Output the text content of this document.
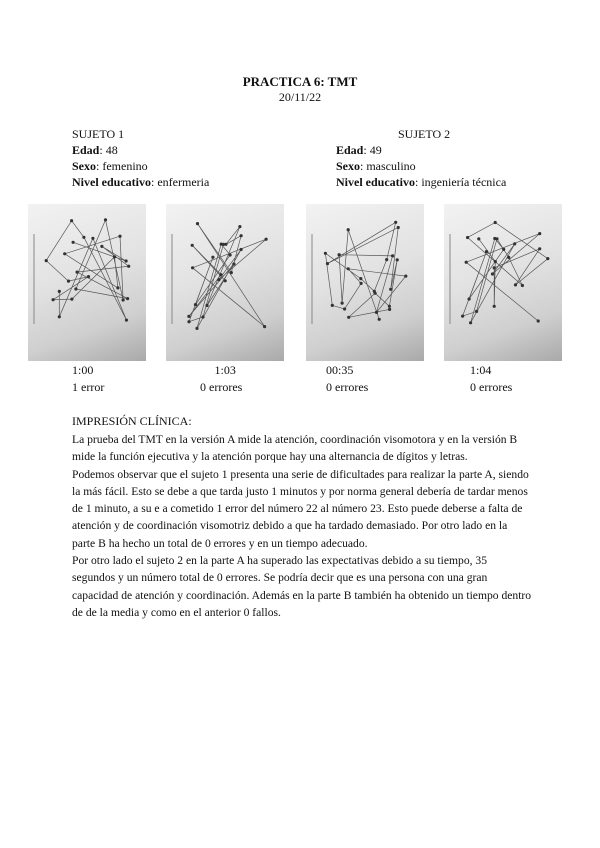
PRACTICA 6: TMT
20/11/22
SUJETO 1
Edad: 48
Sexo: femenino
Nivel educativo: enfermeria
SUJETO 2
Edad: 49
Sexo: masculino
Nivel educativo: ingeniería técnica
1:00
1 error
1:03
0 errores
00:35
0 errores
1:04
0 errores
IMPRESIÓN CLÍNICA:

La prueba del TMT en la versión A mide la atención, coordinación visomotora y en la versión B mide la función ejecutiva y la atención porque hay una alternancia de dígitos y letras.

Podemos observar que el sujeto 1 presenta una serie de dificultades para realizar la parte A, siendo la más fácil. Esto se debe a que tarda justo 1 minutos y por norma general debería de tardar menos de 1 minuto, a su e a cometido 1 error del número 22 al número 23. Esto puede deberse a falta de atención y de coordinación visomotriz debido a que ha tardado demasiado. Por otro lado en la parte B ha hecho un total de 0 errores y en un tiempo adecuado.

Por otro lado el sujeto 2 en la parte A ha superado las expectativas debido a su tiempo, 35 segundos y un número total de 0 errores. Se podría decir que es una persona con una gran capacidad de atención y coordinación. Además en la parte B también ha obtenido un tiempo dentro de de la media y como en el anterior 0 fallos.
